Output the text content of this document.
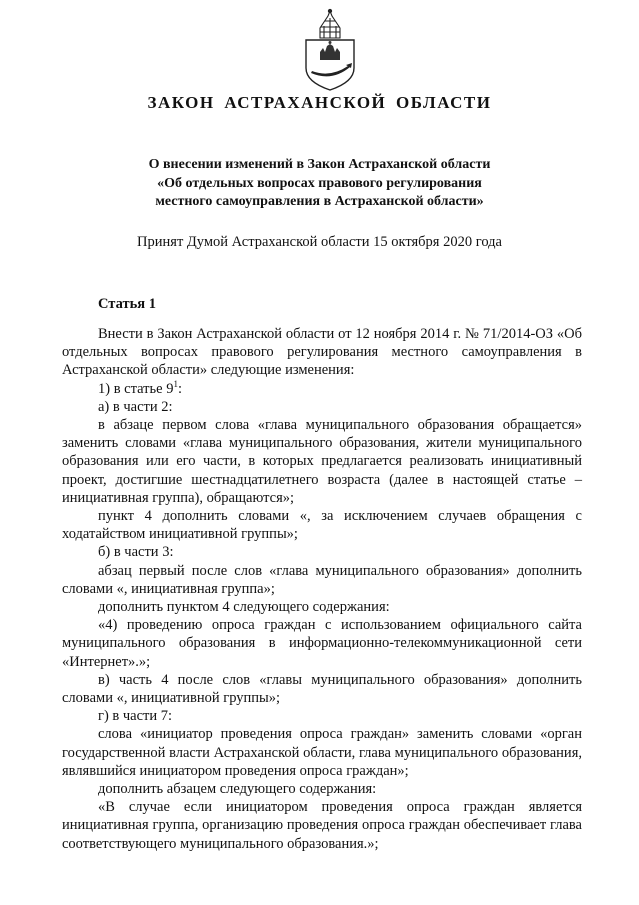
ЗАКОН АСТРАХАНСКОЙ ОБЛАСТИ
О внесении изменений в Закон Астраханской области
«Об отдельных вопросах правового регулирования
местного самоуправления в Астраханской области»
Принят Думой Астраханской области 15 октября 2020 года
Статья 1

Внести в Закон Астраханской области от 12 ноября 2014 г. № 71/2014-ОЗ «Об отдельных вопросах правового регулирования местного самоуправления в Астраханской области» следующие изменения:

1) в статье $9^1$:

а) в части 2:

в абзаце первом слова «глава муниципального образования обращается» заменить словами «глава муниципального образования, жители муниципального образования или его части, в которых предлагается реализовать инициативный проект, достигшие шестнадцатилетнего возраста (далее в настоящей статье – инициативная группа), обращаются»;

пункт 4 дополнить словами «, за исключением случаев обращения с ходатайством инициативной группы»;

б) в части 3:

абзац первый после слов «глава муниципального образования» дополнить словами «, инициативная группа»;

дополнить пунктом 4 следующего содержания:

«4) проведению опроса граждан с использованием официального сайта муниципального образования в информационно-телекоммуникационной сети «Интернет».»;

в) часть 4 после слов «главы муниципального образования» дополнить словами «, инициативной группы»;

г) в части 7:

слова «инициатор проведения опроса граждан» заменить словами «орган государственной власти Астраханской области, глава муниципального образования, являвшийся инициатором проведения опроса граждан»;

дополнить абзацем следующего содержания:

«В случае если инициатором проведения опроса граждан является инициативная группа, организацию проведения опроса граждан обеспечивает глава соответствующего муниципального образования.»;
